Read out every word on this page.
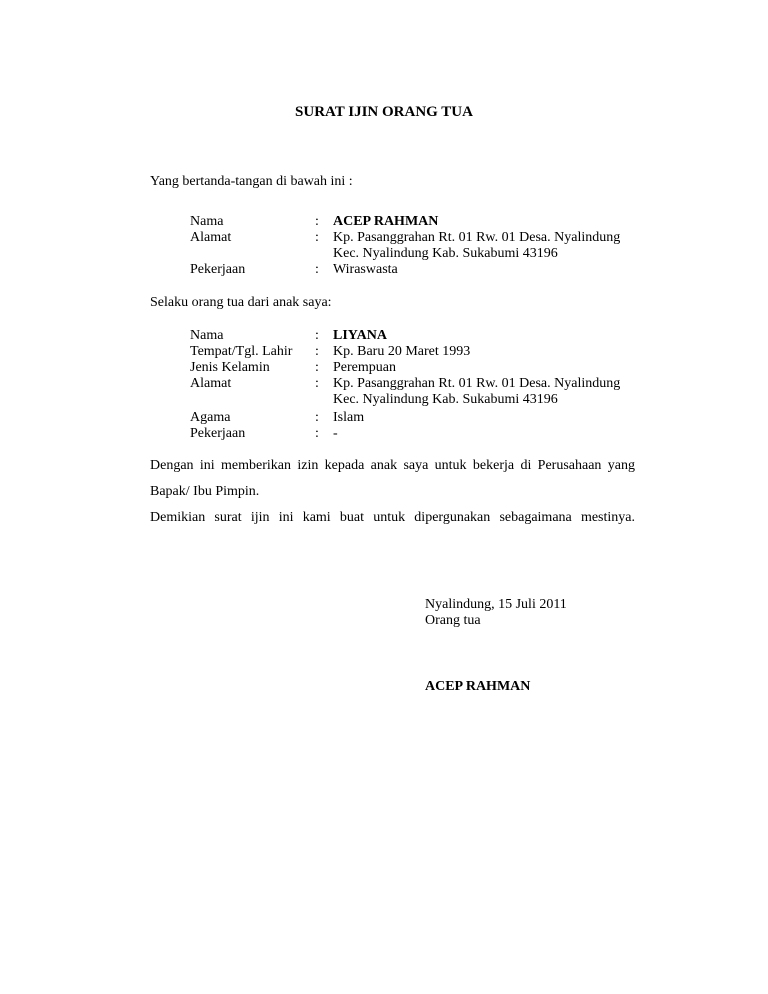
SURAT IJIN ORANG TUA
Yang bertanda-tangan di bawah ini :
Nama	: ACEP RAHMAN
Alamat	: Kp. Pasanggrahan Rt. 01 Rw. 01 Desa. Nyalindung
Kec. Nyalindung Kab. Sukabumi 43196
Pekerjaan	: Wiraswasta
Selaku orang tua dari anak saya:
Nama	: LIYANA
Tempat/Tgl. Lahir : Kp. Baru 20 Maret 1993
Jenis Kelamin	: Perempuan
Alamat	: Kp. Pasanggrahan Rt. 01 Rw. 01 Desa. Nyalindung
Kec. Nyalindung Kab. Sukabumi 43196
Agama	: Islam
Pekerjaan	: -
Dengan ini memberikan izin kepada anak saya untuk bekerja di Perusahaan yang
Bapak/ Ibu Pimpin.
Demikian surat ijin ini kami buat untuk dipergunakan sebagaimana mestinya.
Nyalindung, 15 Juli 2011
Orang tua
ACEP RAHMAN
